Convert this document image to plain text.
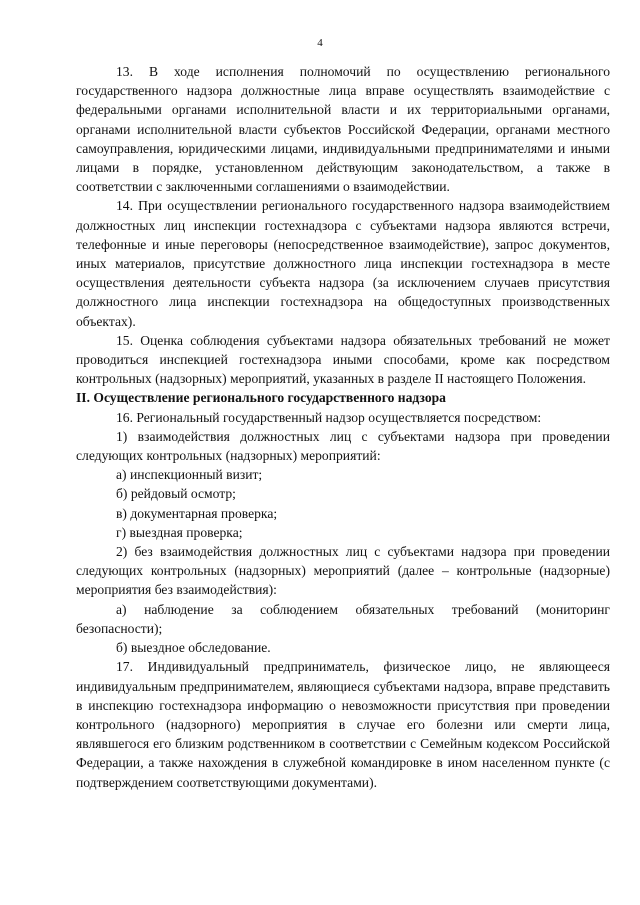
4

13. В ходе исполнения полномочий по осуществлению регионального государственного надзора должностные лица вправе осуществлять взаимодействие с федеральными органами исполнительной власти и их территориальными органами, органами исполнительной власти субъектов Российской Федерации, органами местного самоуправления, юридическими лицами, индивидуальными предпринимателями и иными лицами в порядке, установленном действующим законодательством, а также в соответствии с заключенными соглашениями о взаимодействии.

14. При осуществлении регионального государственного надзора взаимодействием должностных лиц инспекции гостехнадзора с субъектами надзора являются встречи, телефонные и иные переговоры (непосредственное взаимодействие), запрос документов, иных материалов, присутствие должностного лица инспекции гостехнадзора в месте осуществления деятельности субъекта надзора (за исключением случаев присутствия должностного лица инспекции гостехнадзора на общедоступных производственных объектах).

15. Оценка соблюдения субъектами надзора обязательных требований не может проводиться инспекцией гостехнадзора иными способами, кроме как посредством контрольных (надзорных) мероприятий, указанных в разделе II настоящего Положения.

II. Осуществление регионального государственного надзора

16. Региональный государственный надзор осуществляется посредством:

1) взаимодействия должностных лиц с субъектами надзора при проведении следующих контрольных (надзорных) мероприятий:

а) инспекционный визит;

б) рейдовый осмотр;

в) документарная проверка;

г) выездная проверка;

2) без взаимодействия должностных лиц с субъектами надзора при проведении следующих контрольных (надзорных) мероприятий (далее – контрольные (надзорные) мероприятия без взаимодействия):

а) наблюдение за соблюдением обязательных требований (мониторинг безопасности);

б) выездное обследование.

17. Индивидуальный предприниматель, физическое лицо, не являющееся индивидуальным предпринимателем, являющиеся субъектами надзора, вправе представить в инспекцию гостехнадзора информацию о невозможности присутствия при проведении контрольного (надзорного) мероприятия в случае его болезни или смерти лица, являвшегося его близким родственником в соответствии с Семейным кодексом Российской Федерации, а также нахождения в служебной командировке в ином населенном пункте (с подтверждением соответствующими документами).
